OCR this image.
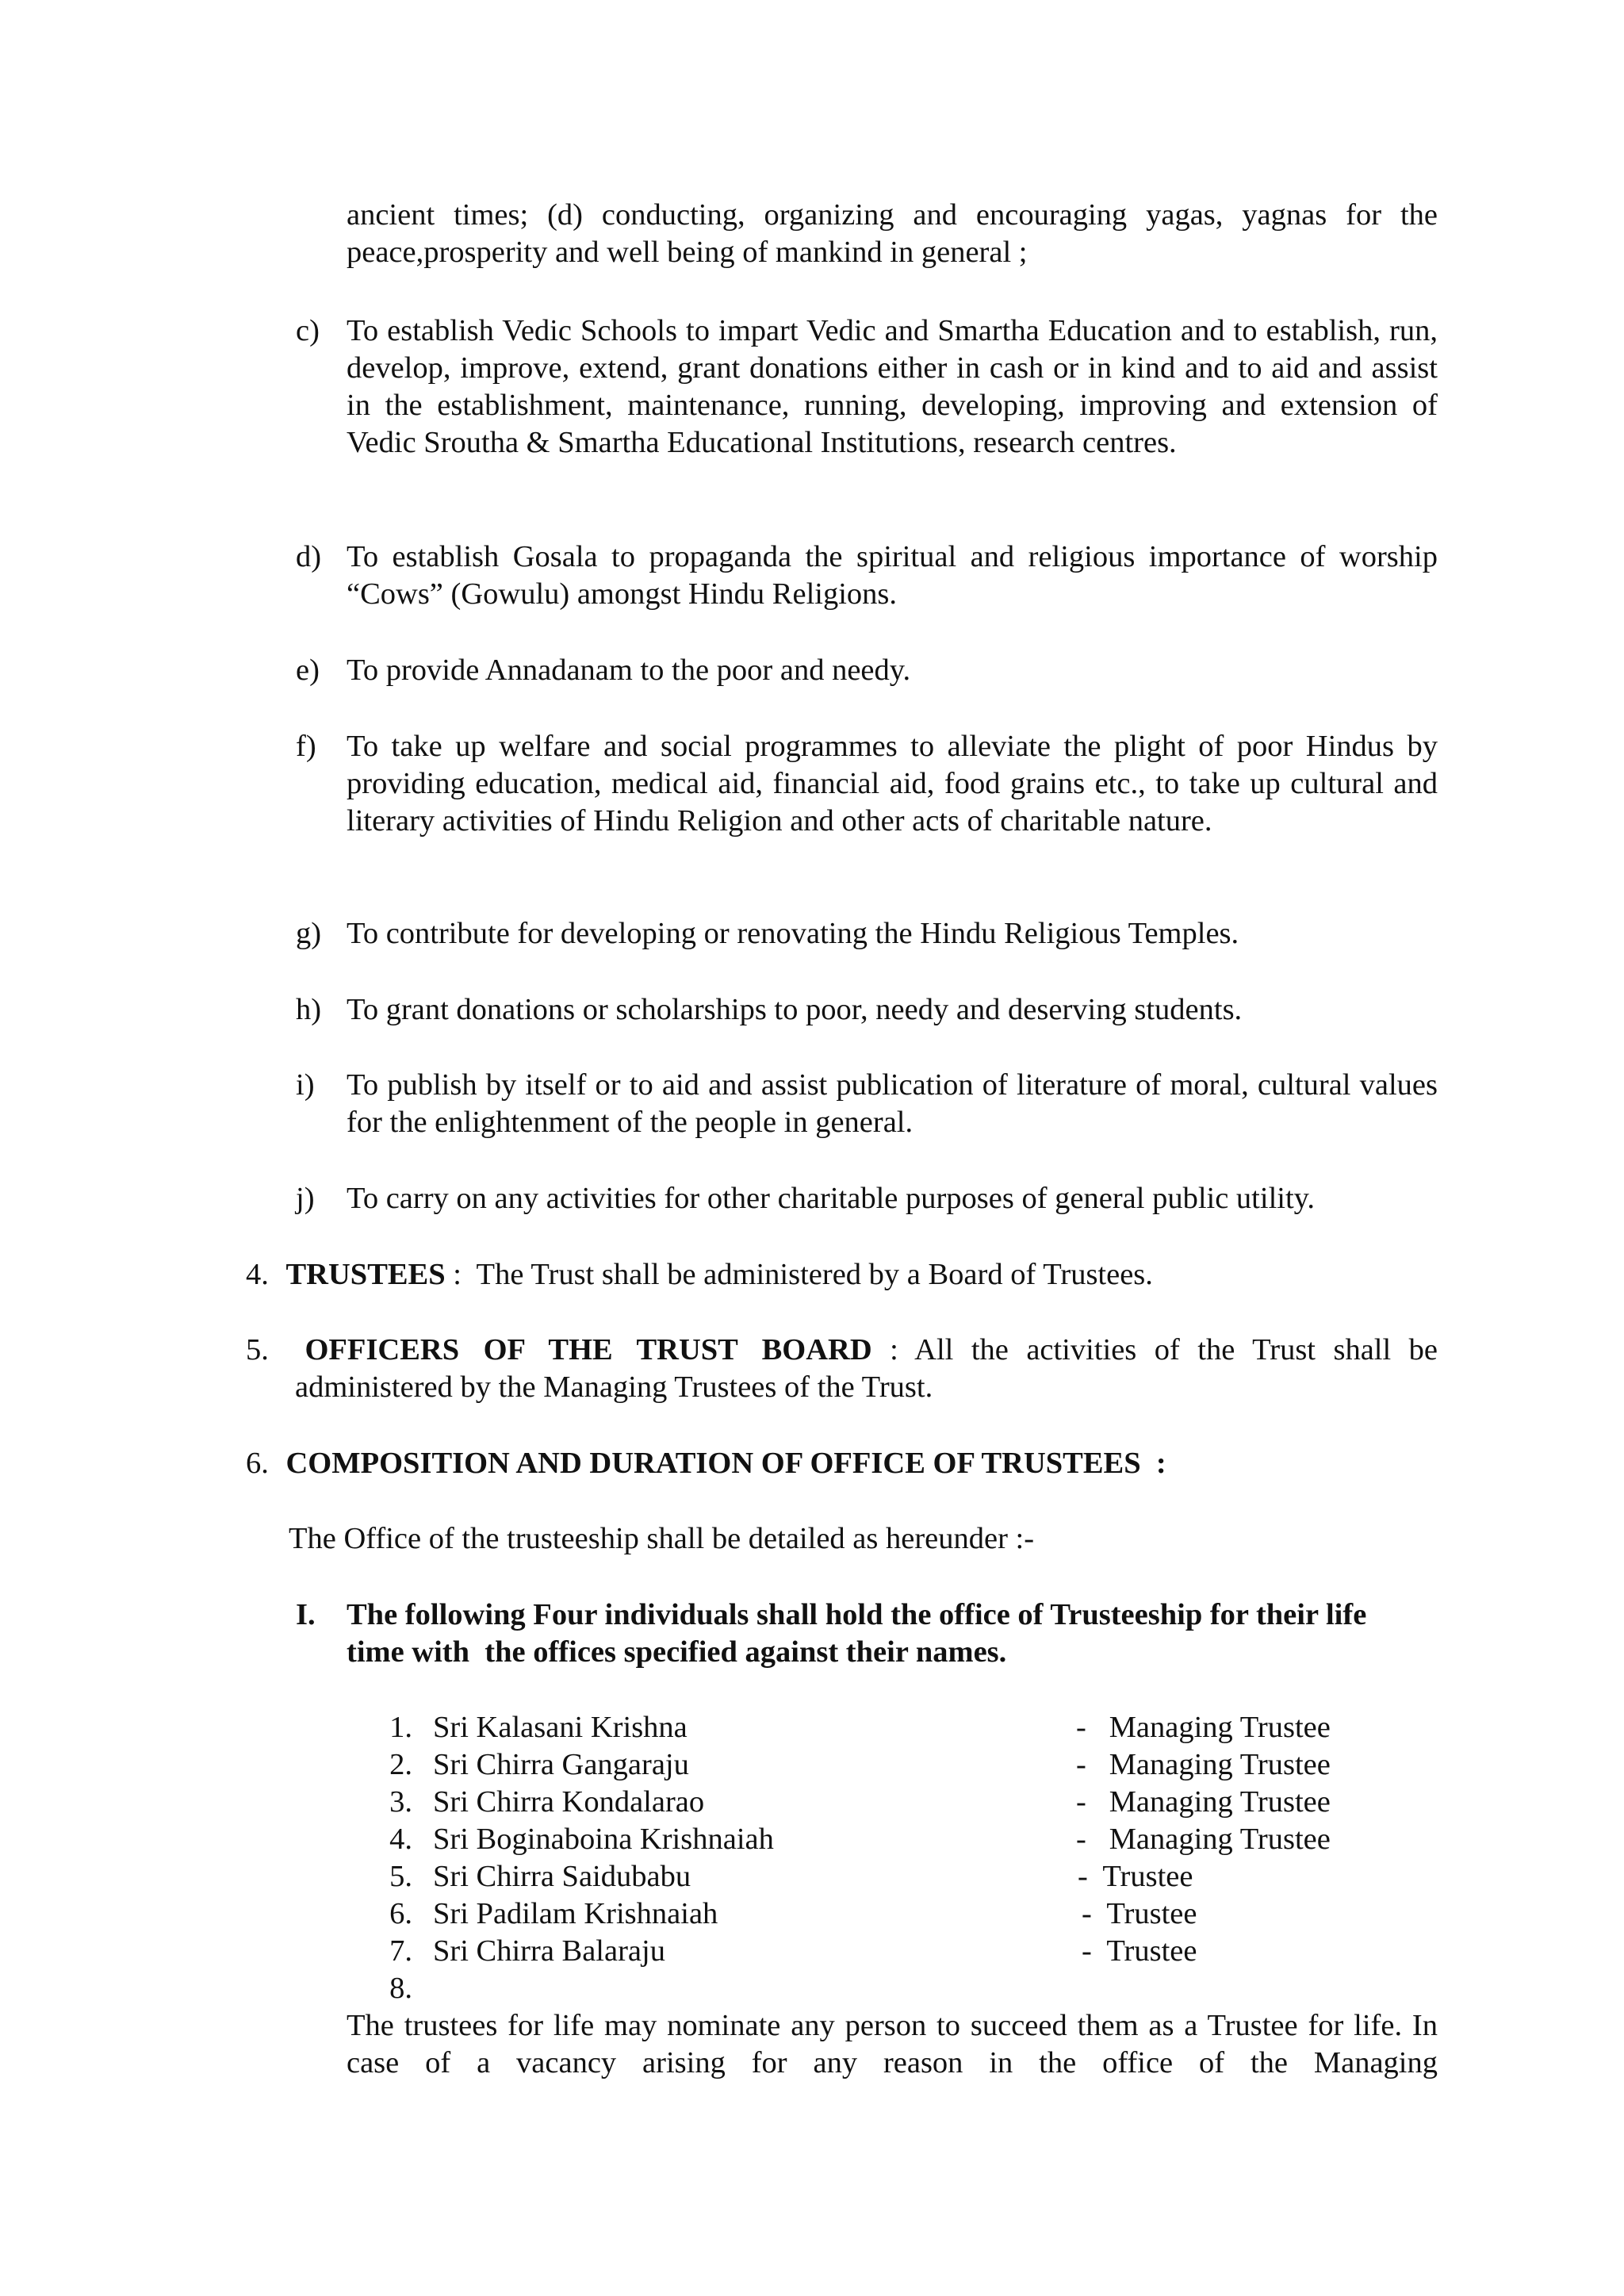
ancient times; (d) conducting, organizing and encouraging yagas, yagnas for the peace,prosperity and well being of mankind in general ;
c) To establish Vedic Schools to impart Vedic and Smartha Education and to establish, run, develop, improve, extend, grant donations either in cash or in kind and to aid and assist in the establishment, maintenance, running, developing, improving and extension of Vedic Sroutha & Smartha Educational Institutions, research centres.
d) To establish Gosala to propaganda the spiritual and religious importance of worship “Cows” (Gowulu) amongst Hindu Religions.
e) To provide Annadanam to the poor and needy.
f) To take up welfare and social programmes to alleviate the plight of poor Hindus by providing education, medical aid, financial aid, food grains etc., to take up cultural and literary activities of Hindu Religion and other acts of charitable nature.
g) To contribute for developing or renovating the Hindu Religious Temples.
h) To grant donations or scholarships to poor, needy and deserving students.
i)	To publish by itself or to aid and assist publication of literature of moral, cultural values for the enlightenment of the people in general.
j)	To carry on any activities for other charitable purposes of general public utility.
4. TRUSTEES :  The Trust shall be administered by a Board of Trustees.
5. OFFICERS OF THE TRUST BOARD : All the activities of the Trust shall be administered by the Managing Trustees of the Trust.
6. COMPOSITION AND DURATION OF OFFICE OF TRUSTEES  :
The Office of the trusteeship shall be detailed as hereunder :-
I.	The following Four individuals shall hold the office of Trusteeship for their life time with  the offices specified against their names.
1. Sri Kalasani Krishna	-   Managing Trustee
2. Sri Chirra Gangaraju	-   Managing Trustee
3. Sri Chirra Kondalarao	-   Managing Trustee
4. Sri Boginaboina Krishnaiah	-   Managing Trustee
5. Sri Chirra Saidubabu	-  Trustee
6. Sri Padilam Krishnaiah	-  Trustee
7. Sri Chirra Balaraju	-  Trustee
8.
The trustees for life may nominate any person to succeed them as a Trustee for life. In case of a vacancy arising for any reason in the office of the Managing
